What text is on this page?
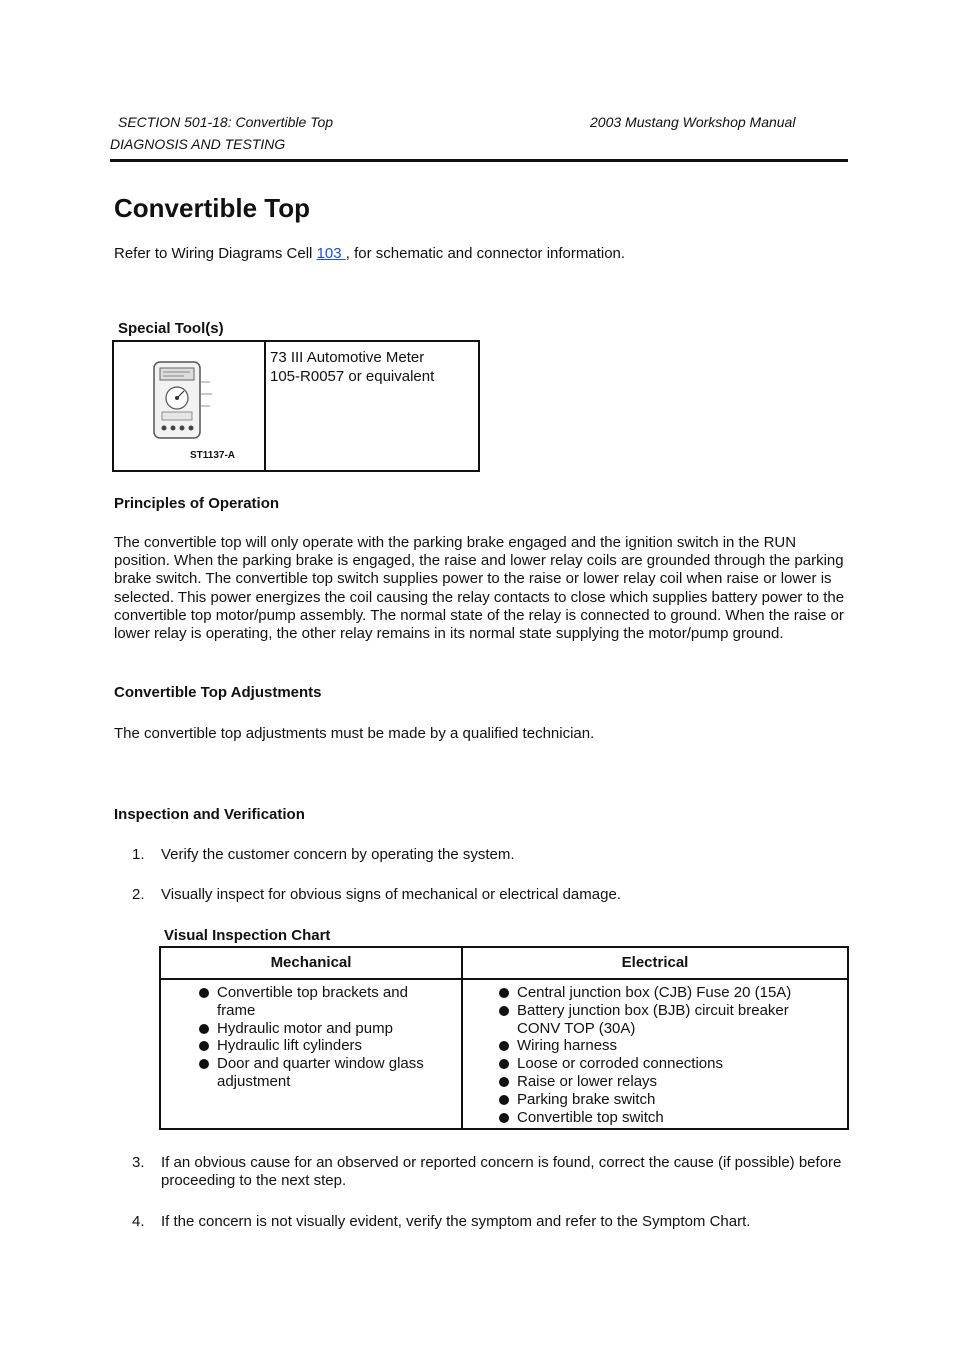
SECTION 501-18: Convertible Top	2003 Mustang Workshop Manual
DIAGNOSIS AND TESTING
Convertible Top

Refer to Wiring Diagrams Cell 103 , for schematic and connector information.

Special Tool(s)
ST1137-A
73 III Automotive Meter
105-R0057 or equivalent
Principles of Operation

The convertible top will only operate with the parking brake engaged and the ignition switch in the RUN position. When the parking brake is engaged, the raise and lower relay coils are grounded through the parking brake switch. The convertible top switch supplies power to the raise or lower relay coil when raise or lower is selected. This power energizes the coil causing the relay contacts to close which supplies battery power to the convertible top motor/pump assembly. The normal state of the relay is connected to ground. When the raise or lower relay is operating, the other relay remains in its normal state supplying the motor/pump ground.

Convertible Top Adjustments

The convertible top adjustments must be made by a qualified technician.

Inspection and Verification
1. Verify the customer concern by operating the system.
2. Visually inspect for obvious signs of mechanical or electrical damage.
Visual Inspection Chart
Mechanical	Electrical
Convertible top brackets and frame
Hydraulic motor and pump
Hydraulic lift cylinders
Door and quarter window glass adjustment
Central junction box (CJB) Fuse 20 (15A)
Battery junction box (BJB) circuit breaker CONV TOP (30A)
Wiring harness
Loose or corroded connections
Raise or lower relays
Parking brake switch
Convertible top switch
3. If an obvious cause for an observed or reported concern is found, correct the cause (if possible) before proceeding to the next step.
4. If the concern is not visually evident, verify the symptom and refer to the Symptom Chart.
